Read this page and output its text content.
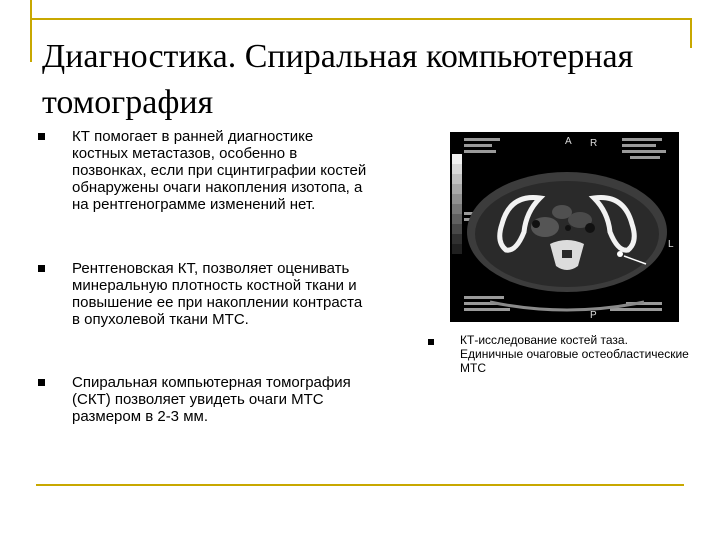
Диагностика. Спиральная компьютерная томография
КТ помогает в ранней диагностике костных метастазов, особенно в позвонках, если при сцинтиграфии костей обнаружены очаги накопления изотопа, а на рентгенограмме изменений нет.
Рентгеновская КТ, позволяет оценивать минеральную плотность костной ткани и повышение ее при накоплении контраста в опухолевой ткани МТС.
Спиральная компьютерная томография (СКТ) позволяет увидеть очаги МТС размером в 2-3 мм.
A R
L
P
КТ-исследование костей таза. Единичные очаговые остеобластические МТС
